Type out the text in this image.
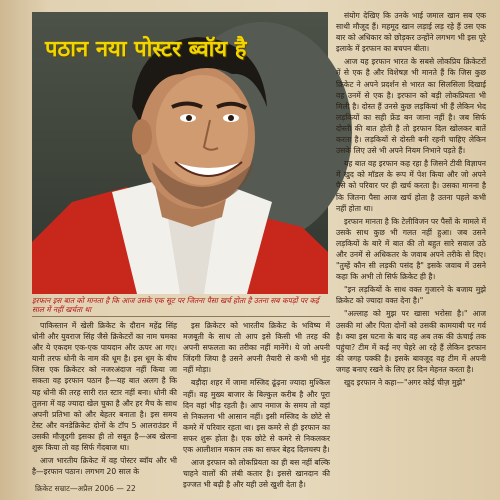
पठान नया पोस्टर ब्वॉय है
इरफान इस बात को मानता है कि आज उसके एक सूट पर जितना पैसा खर्च होता है उतना सब कपड़ों पर कई साल में नहीं खर्चता था

पाकिस्तान में खेली क्रिकेट के दौरान महेंद्र सिंह धोनी और युवराज सिंह जैसे क्रिकेटरों का नाम चमका और ये एकदम एक-एक पायदान और ऊपर आ गए। यानी तरफ धोनी के नाम की धूम है। इस धूम के बीच जिस एक क्रिकेटर को नजरअंदाज नहीं किया जा सकता वह इरफान पठान है—यह बात अलग है कि यह धोनी की तरह सारी रात स्टार नहीं बना। धोनी की तुलना में वह ज्यादा खेल चुका है और हर मैच के साथ अपनी प्रतिभा को और बेहतर बनाता है। इस समय टेस्ट और वनडेक्रिकेट दोनों के टॉप 5 आलराउंडर में उसकी मौजूदगी इसका ही तो सबूत है—अब खेलना शुरू किया तो वह सिर्फ गेंदबाज था।

आज भारतीय क्रिकेट में वह पोस्टर ब्वॉय और भी है—इरफान पठान। लगभग 20 साल के

इस क्रिकेटर को भारतीय क्रिकेट के भविष्य में मजबूती के साथ तो आप इसे किसी भी तरह की अपनी सफलता का तरीका नहीं मानेंगे। ये जो अपनी जिंदगी जिया है उसने अपनी तैयारी से कभी भी मुंह नहीं मोड़ा।

बड़ौदा शहर में जामा मस्जिद ढूंढ़ना ज्यादा मुश्किल नहीं। वह मुख्य बाजार के बिल्कुल करीब है और पूरा दिन वहां भीड़ रहती है। आप नमाज के समय तो वहां से निकलना भी आसान नहीं। इसी मस्जिद के छोटे से कमरे में परिवार रहता था। इस कमरे से ही इरफान का सफर शुरू होता है। एक छोटे से कमरे से निकलकर एक आलीशान मकान तक का सफर बेहद दिलचस्प है।

आज इरफान को लोकप्रियता का ही बस नहीं बल्कि चाहने वालों की लंबी कतार है। इससे खानदान की इज्जत भी बढ़ी है और यही उसे खुशी देता है।

संयोग देखिए कि उनके भाई जमाल खान सब एक साथी मौजूद हैं। महमूद खान लड़ाई लड़ रहे हैं उस एक बार को अधिकार को छोड़कर उन्होंने लगभग भी इस पूरे इलाके में इरफान का बचपन बीता।

आज यह इरफान भारत के सबसे लोकप्रिय क्रिकेटरों में से एक है और विशेषज्ञ भी मानते हैं कि जिस कुछ क्रिकेट ने अपने प्रदर्शन से भारत का सिलसिला दिखाई वह उनमें से एक है। इरफान को बड़ी लोकप्रियता भी मिली है। दोस्त हैं उनसे कुछ लड़कियां भी हैं लेकिन भेद लड़कियों का सही फ्रेंड बन जाना नहीं है। जब सिर्फ दोस्ती की बात होती है तो इरफान दिल खोलकर बातें करता है। लड़कियों से दोस्ती बनी रहनी चाहिए लेकिन उसके लिए उसे भी अपने नियम निभाने पड़ते हैं।

यह बात वह इरफान कह रहा है जिसने टीवी विज्ञापन में खुद को मॉडल के रूप में पेश किया और जो अपने पैसे को परिवार पर ही खर्च करता है। उसका मानना है कि जितना पैसा आज खर्च होता है उतना पहले कभी नहीं होता था।

इरफान मानता है कि टेलीविजन पर पैसों के मामले में उसके साथ कुछ भी गलत नहीं हुआ। जब उसने लड़कियों के बारे में बात की तो बहुत सारे सवाल उठे और उनमें से अधिकतर के जवाब अपने तरीके से दिए। "तुम्हें कौन सी लड़की पसंद है" इसके जवाब में उसने कहा कि अभी तो सिर्फ क्रिकेट ही है।

"इन लड़कियों के साथ वक्त गुजारने के बजाय मुझे क्रिकेट को ज्यादा वक्त देना है।"

"अल्लाह को मुझ पर खासा भरोसा है।" आज उसकी मां और पिता दोनों को उसकी कामयाबी पर गर्व है। क्या इस घटना के बाद वह अब तक की ऊंचाई तक पहुंचा? टीम में कई नए चेहरे आ रहे हैं लेकिन इरफान की जगह पक्की है। इसके बावजूद वह टीम में अपनी जगह बनाए रखने के लिए हर दिन मेहनत करता है।

खुद इरफान ने कहा—"अगर कोई चीज़ मुझे"

क्रिकेट सम्राट—अप्रैल 2006 — 22
